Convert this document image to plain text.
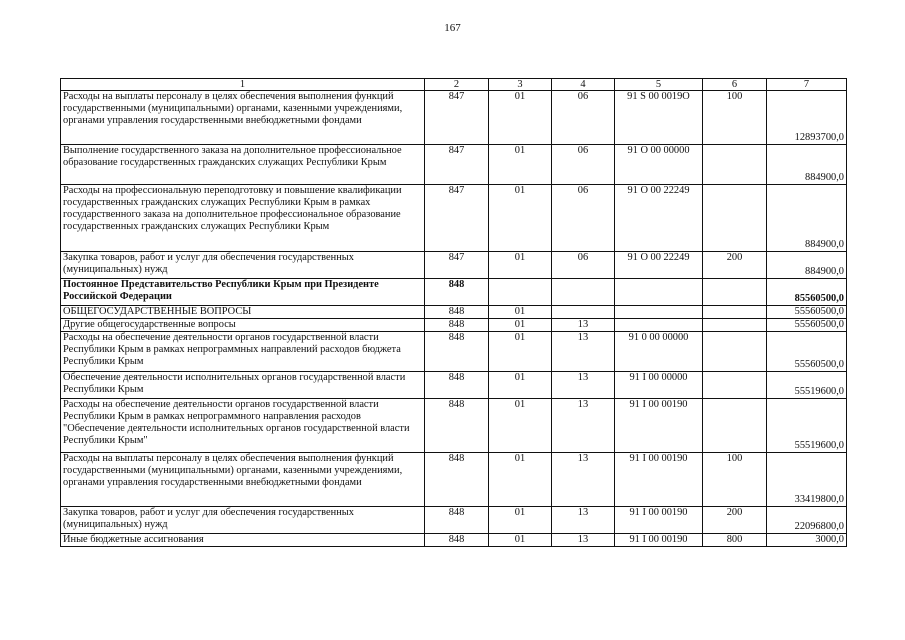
167
1	2	3	4	5	6	7
Расходы на выплаты персоналу в целях обеспечения выполнения функций государственными (муниципальными) органами, казенными учреждениями, органами управления государственными внебюджетными фондами	847	01	06	91 S 00 0019O	100	12893700,0
Выполнение государственного заказа на дополнительное профессиональное образование государственных гражданских служащих Республики Крым	847	01	06	91 O 00 00000		884900,0
Расходы на профессиональную переподготовку и повышение квалификации государственных гражданских служащих Республики Крым в рамках государственного заказа на дополнительное профессиональное образование государственных гражданских служащих Республики Крым	847	01	06	91 O 00 22249		884900,0
Закупка товаров, работ и услуг для обеспечения государственных (муниципальных) нужд	847	01	06	91 O 00 22249	200	884900,0
Постоянное Представительство Республики Крым при Президенте Российской Федерации	848					85560500,0
ОБЩЕГОСУДАРСТВЕННЫЕ ВОПРОСЫ	848	01				55560500,0
Другие общегосударственные вопросы	848	01	13			55560500,0
Расходы на обеспечение деятельности органов государственной власти Республики Крым в рамках непрограммных направлений расходов бюджета Республики Крым	848	01	13	91 0 00 00000		55560500,0
Обеспечение деятельности исполнительных органов государственной власти Республики Крым	848	01	13	91 I 00 00000		55519600,0
Расходы на обеспечение деятельности органов государственной власти Республики Крым в рамках непрограммного направления расходов "Обеспечение деятельности исполнительных органов государственной власти Республики Крым"	848	01	13	91 I 00 00190		55519600,0
Расходы на выплаты персоналу в целях обеспечения выполнения функций государственными (муниципальными) органами, казенными учреждениями, органами управления государственными внебюджетными фондами	848	01	13	91 I 00 00190	100	33419800,0
Закупка товаров, работ и услуг для обеспечения государственных (муниципальных) нужд	848	01	13	91 I 00 00190	200	22096800,0
Иные бюджетные ассигнования	848	01	13	91 I 00 00190	800	3000,0
